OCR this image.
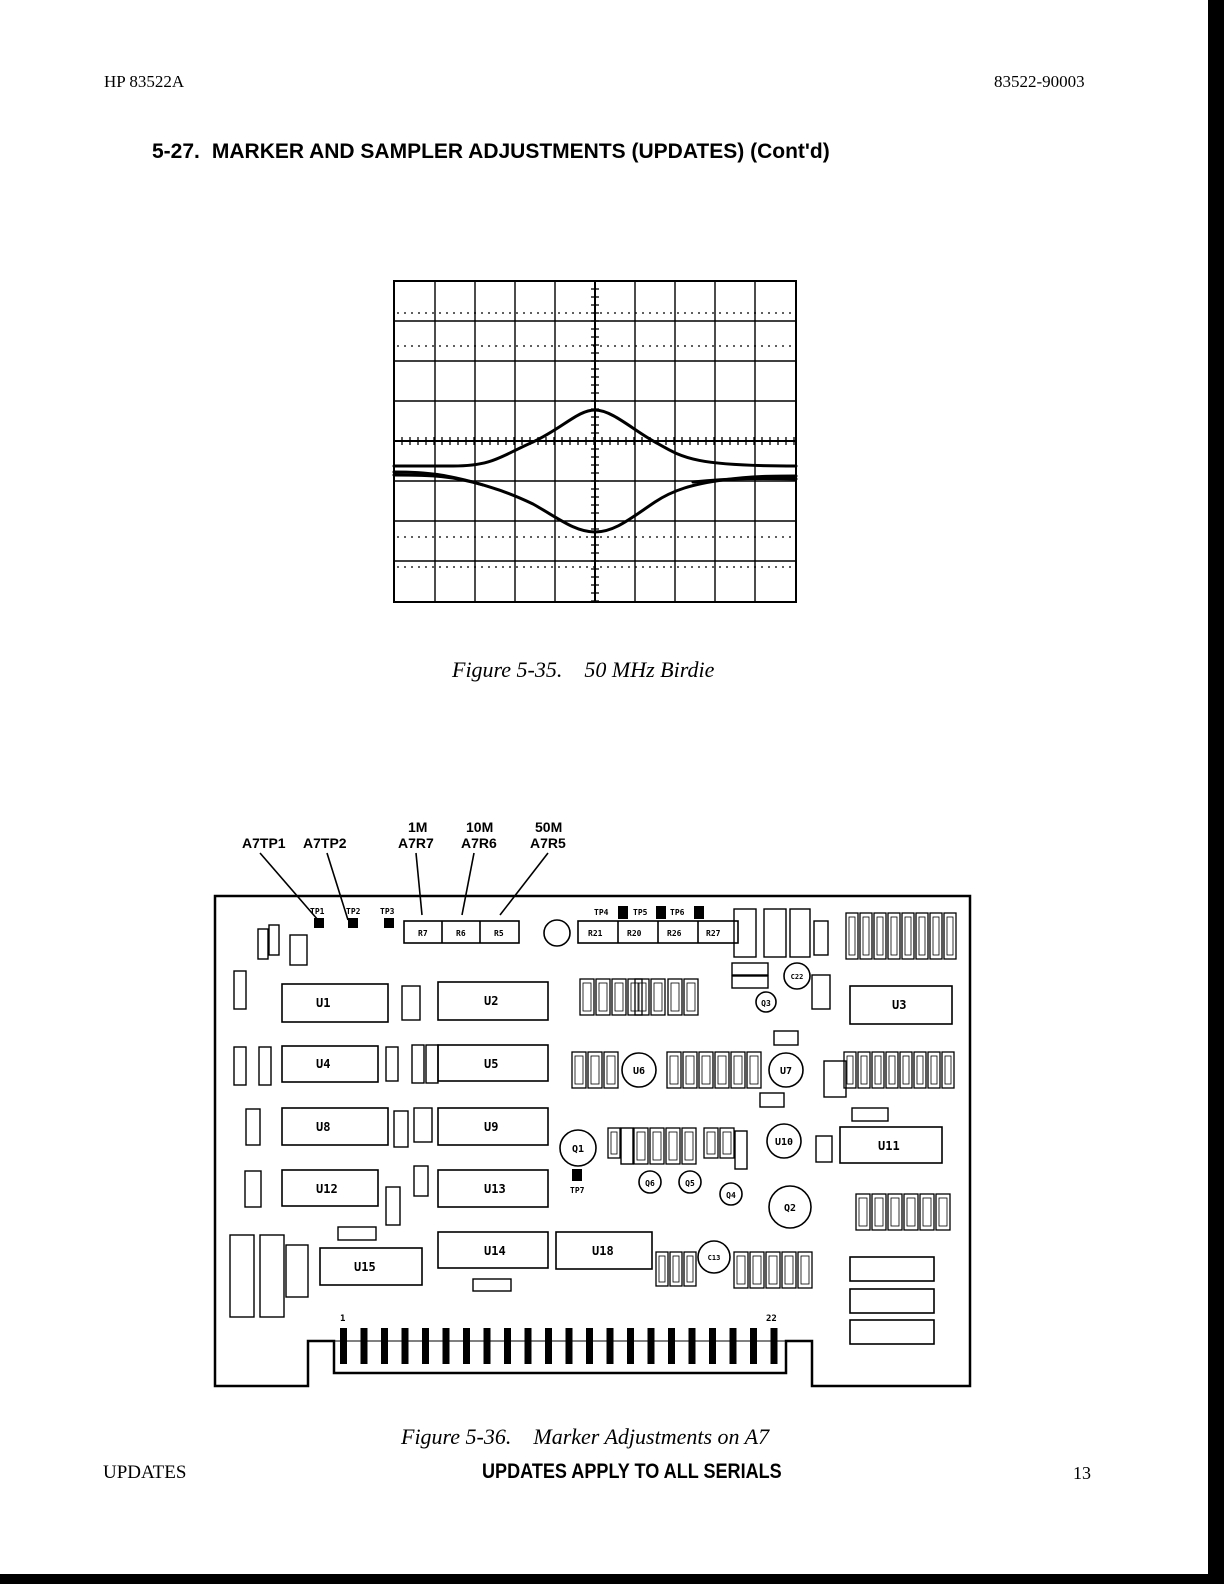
HP 83522A	83522-90003
5-27. MARKER AND SAMPLER ADJUSTMENTS (UPDATES) (Cont'd)
Figure 5-35. 50 MHz Birdie
A7TP1 A7TP2
1M
A7R7
10M
A7R6
50M
A7R5
1	22
TP1	TP2 TP3	TP4	TP5	TP6
TP7
R7	R6	R5	R21	R20	R26	R27
U1	U2	U3
U4	U5
U8	U9
U11
U12	U13
U14
U15
U18
U6	U7
U10
Q1
Q2
Q3
Q4
Q5
Q6
C13
C22
Figure 5-36. Marker Adjustments on A7
UPDATES	UPDATES APPLY TO ALL SERIALS	13
